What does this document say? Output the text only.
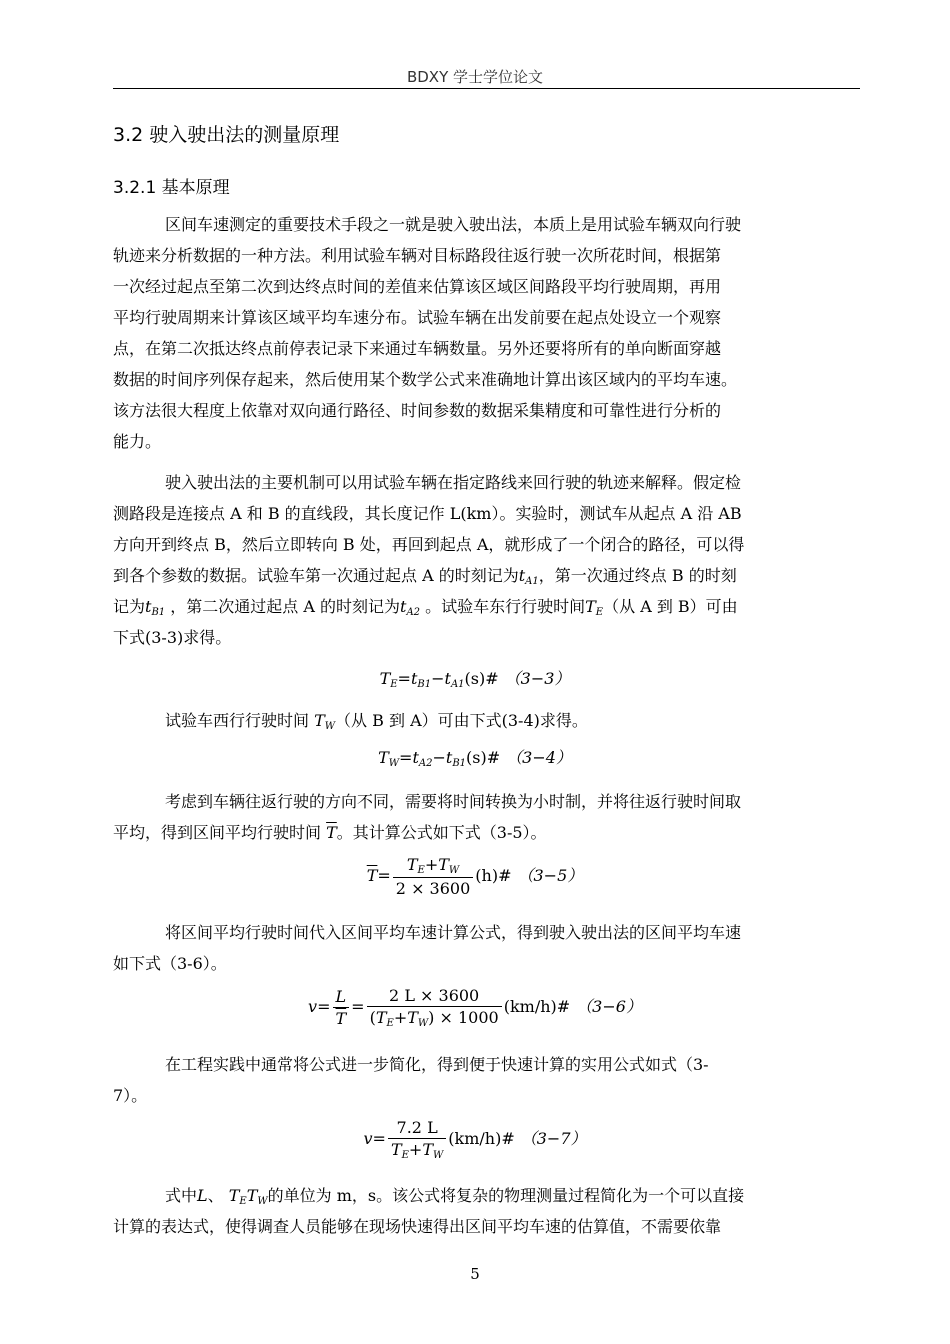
BDXY 学士学位论文
3.2 驶入驶出法的测量原理
3.2.1 基本原理
区间车速测定的重要技术手段之一就是驶入驶出法，本质上是用试验车辆双向行驶
轨迹来分析数据的一种方法。利用试验车辆对目标路段往返行驶一次所花时间，根据第
一次经过起点至第二次到达终点时间的差值来估算该区域区间路段平均行驶周期，再用
平均行驶周期来计算该区域平均车速分布。试验车辆在出发前要在起点处设立一个观察
点，在第二次抵达终点前停表记录下来通过车辆数量。另外还要将所有的单向断面穿越
数据的时间序列保存起来，然后使用某个数学公式来准确地计算出该区域内的平均车速。
该方法很大程度上依靠对双向通行路径、时间参数的数据采集精度和可靠性进行分析的
能力。
驶入驶出法的主要机制可以用试验车辆在指定路线来回行驶的轨迹来解释。假定检
测路段是连接点 A 和 B 的直线段，其长度记作 L(km）。实验时，测试车从起点 A 沿 AB
方向开到终点 B，然后立即转向 B 处，再回到起点 A，就形成了一个闭合的路径，可以得
到各个参数的数据。试验车第一次通过起点 A 的时刻记为$t_{A1}$，第一次通过终点 B 的时刻
记为$t_{B1}$ ，第二次通过起点 A 的时刻记为$t_{A2}$ 。试验车东行行驶时间$T_E$（从 A 到 B）可由
下式(3-3)求得。
$T_E=t_{B1}-t_{A1}(s)\#$ （3−3）
试验车西行行驶时间 $T_W$（从 B 到 A）可由下式(3-4)求得。
$T_W=t_{A2}-t_{B1}(s)\#$ （3−4）
考虑到车辆往返行驶的方向不同，需要将时间转换为小时制，并将往返行驶时间取
平均，得到区间平均行驶时间 $\overline{T}$。其计算公式如下式（3-5）。
$\overline{T}= \frac{T_E+T_W}{2 \times 3600}$ (h)# （3−5）
将区间平均行驶时间代入区间平均车速计算公式，得到驶入驶出法的区间平均车速
如下式（3-6）。
$v= \frac{L}{T} = \frac{2 L \times 3600}{(T_E+T_W) \times 1000}$ (km/h)# （3−6）
在工程实践中通常将公式进一步简化，得到便于快速计算的实用公式如式（3-
7）。
$v= \frac{7.2 L}{T_E+T_W}$ (km/h)# （3−7）
式中L、 $T_ET_W$的单位为 m，s。该公式将复杂的物理测量过程简化为一个可以直接
计算的表达式，使得调查人员能够在现场快速得出区间平均车速的估算值，不需要依靠
5
